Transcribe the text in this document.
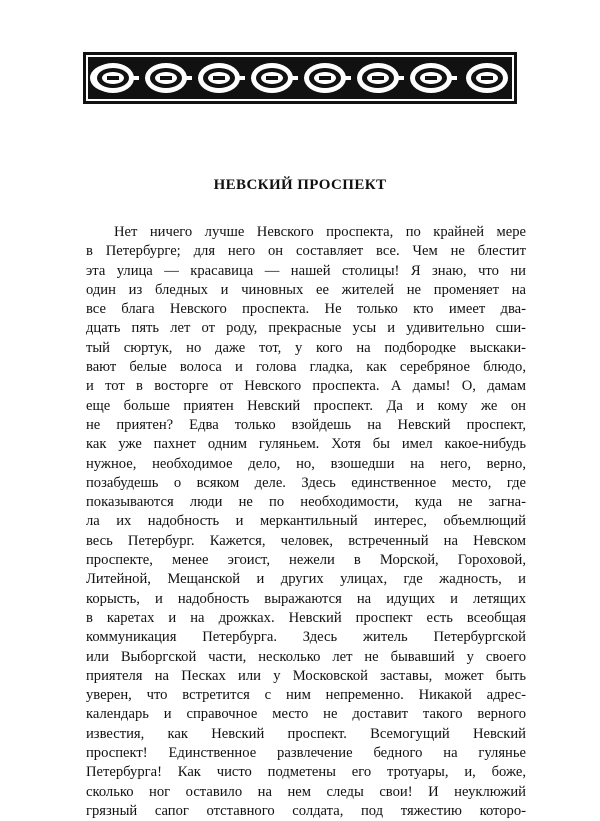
НЕВСКИЙ ПРОСПЕКТ
Нет ничего лучше Невского проспекта, по крайней мере
в Петербурге; для него он составляет все. Чем не блестит
эта улица — красавица — нашей столицы! Я знаю, что ни
один из бледных и чиновных ее жителей не променяет на
все блага Невского проспекта. Не только кто имеет два-
дцать пять лет от роду, прекрасные усы и удивительно сши-
тый сюртук, но даже тот, у кого на подбородке выскаки-
вают белые волоса и голова гладка, как серебряное блюдо,
и тот в восторге от Невского проспекта. А дамы! О, дамам
еще больше приятен Невский проспект. Да и кому же он
не приятен? Едва только взойдешь на Невский проспект,
как уже пахнет одним гуляньем. Хотя бы имел какое-нибудь
нужное, необходимое дело, но, взошедши на него, верно,
позабудешь о всяком деле. Здесь единственное место, где
показываются люди не по необходимости, куда не загна-
ла их надобность и меркантильный интерес, объемлющий
весь Петербург. Кажется, человек, встреченный на Невском
проспекте, менее эгоист, нежели в Морской, Гороховой,
Литейной, Мещанской и других улицах, где жадность, и
корысть, и надобность выражаются на идущих и летящих
в каретах и на дрожках. Невский проспект есть всеобщая
коммуникация Петербурга. Здесь житель Петербургской
или Выборгской части, несколько лет не бывавший у своего
приятеля на Песках или у Московской заставы, может быть
уверен, что встретится с ним непременно. Никакой адрес-
календарь и справочное место не доставит такого верного
известия, как Невский проспект. Всемогущий Невский
проспект! Единственное развлечение бедного на гулянье
Петербурга! Как чисто подметены его тротуары, и, боже,
сколько ног оставило на нем следы свои! И неуклюжий
грязный сапог отставного солдата, под тяжестию которо-
